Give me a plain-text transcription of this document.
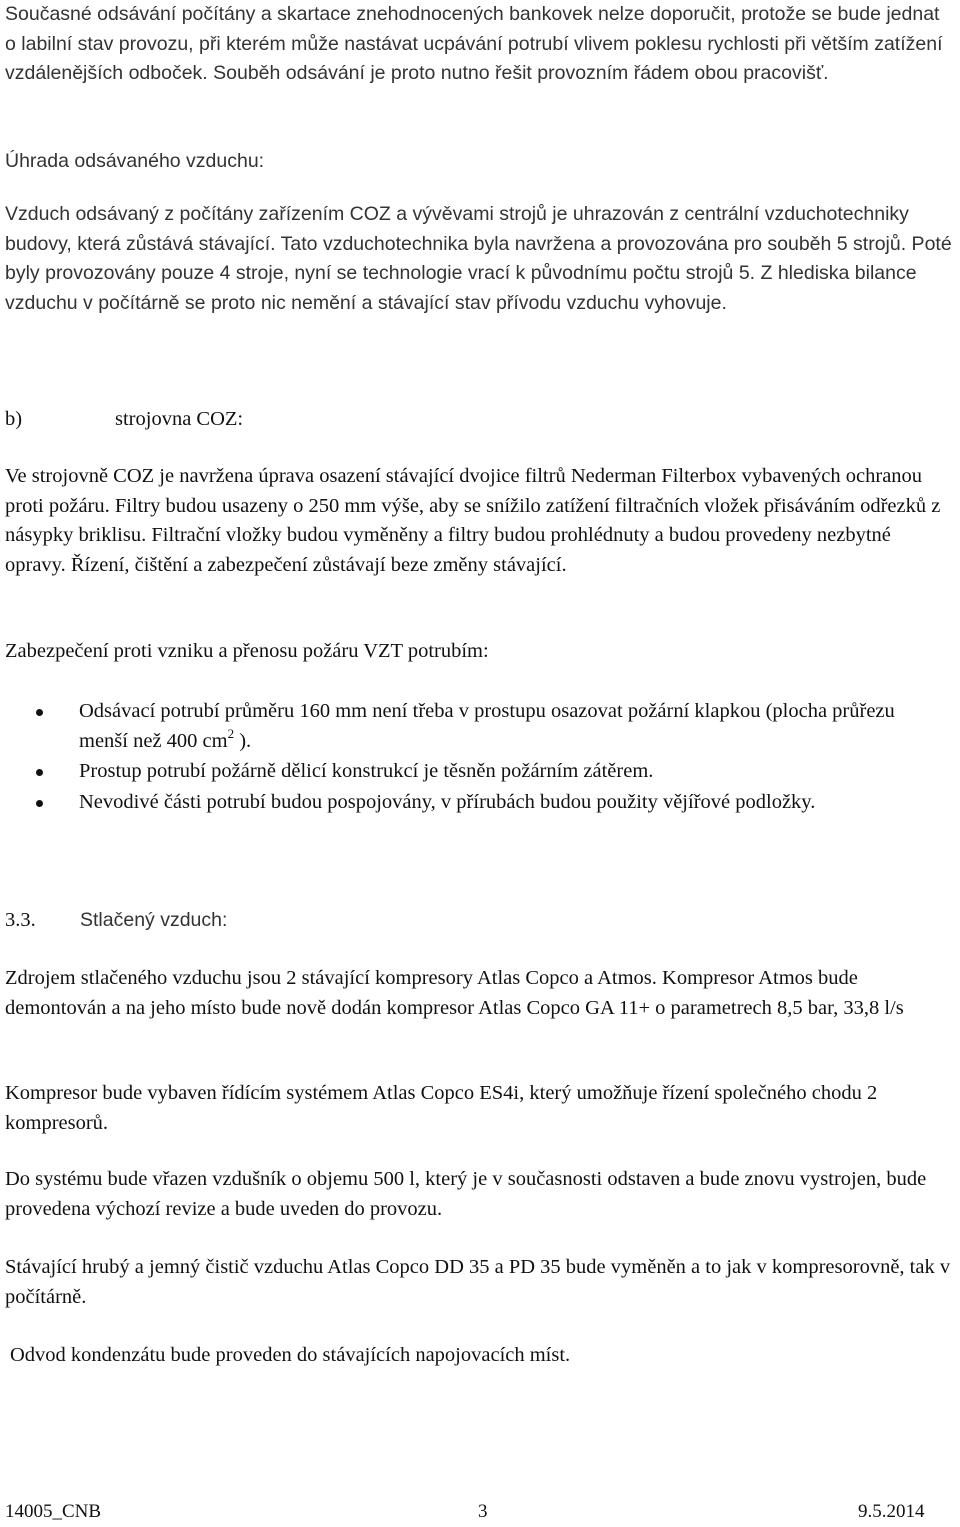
Současné odsávání počítány a skartace znehodnocených bankovek nelze doporučit, protože se bude jednat o labilní stav provozu, při kterém může nastávat ucpávání potrubí vlivem poklesu rychlosti při větším zatížení vzdálenějších odboček. Souběh odsávání je proto nutno řešit provozním řádem obou pracovišť.

Úhrada odsávaného vzduchu:

Vzduch odsávaný z počítány zařízením COZ a vývěvami strojů je uhrazován z centrální vzduchotechniky budovy, která zůstává stávající. Tato vzduchotechnika byla navržena a provozována pro souběh 5 strojů. Poté byly provozovány pouze 4 stroje, nyní se technologie vrací k původnímu počtu strojů 5. Z hlediska bilance vzduchu v počítárně se proto nic nemění a stávající stav přívodu vzduchu vyhovuje.

b)	strojovna COZ:

Ve strojovně COZ je navržena úprava osazení stávající dvojice filtrů Nederman Filterbox vybavených ochranou proti požáru. Filtry budou usazeny o 250 mm výše, aby se snížilo zatížení filtračních vložek přisáváním odřezků z násypky briklisu. Filtrační vložky budou vyměněny a filtry budou prohlédnuty a budou provedeny nezbytné opravy. Řízení, čištění a zabezpečení zůstávají beze změny stávající.

Zabezpečení proti vzniku a přenosu požáru VZT potrubím:

Odsávací potrubí průměru 160 mm není třeba v prostupu osazovat požární klapkou (plocha průřezu menší než 400 $cm^2$ ).
Prostup potrubí požárně dělicí konstrukcí je těsněn požárním zátěrem.
Nevodivé části potrubí budou pospojovány, v přírubách budou použity vějířové podložky.
3.3. Stlačený vzduch:

Zdrojem stlačeného vzduchu jsou 2 stávající kompresory Atlas Copco a Atmos. Kompresor Atmos bude demontován a na jeho místo bude nově dodán kompresor Atlas Copco GA 11+ o parametrech 8,5 bar, 33,8 l/s

Kompresor bude vybaven řídícím systémem Atlas Copco ES4i, který umožňuje řízení společného chodu 2 kompresorů.

Do systému bude vřazen vzdušník o objemu 500 l, který je v současnosti odstaven a bude znovu vystrojen, bude provedena výchozí revize a bude uveden do provozu.

Stávající hrubý a jemný čistič vzduchu Atlas Copco DD 35 a PD 35 bude vyměněn a to jak v kompresorovně, tak v počítárně.

Odvod kondenzátu bude proveden do stávajících napojovacích míst.

14005_CNB	3	9.5.2014
